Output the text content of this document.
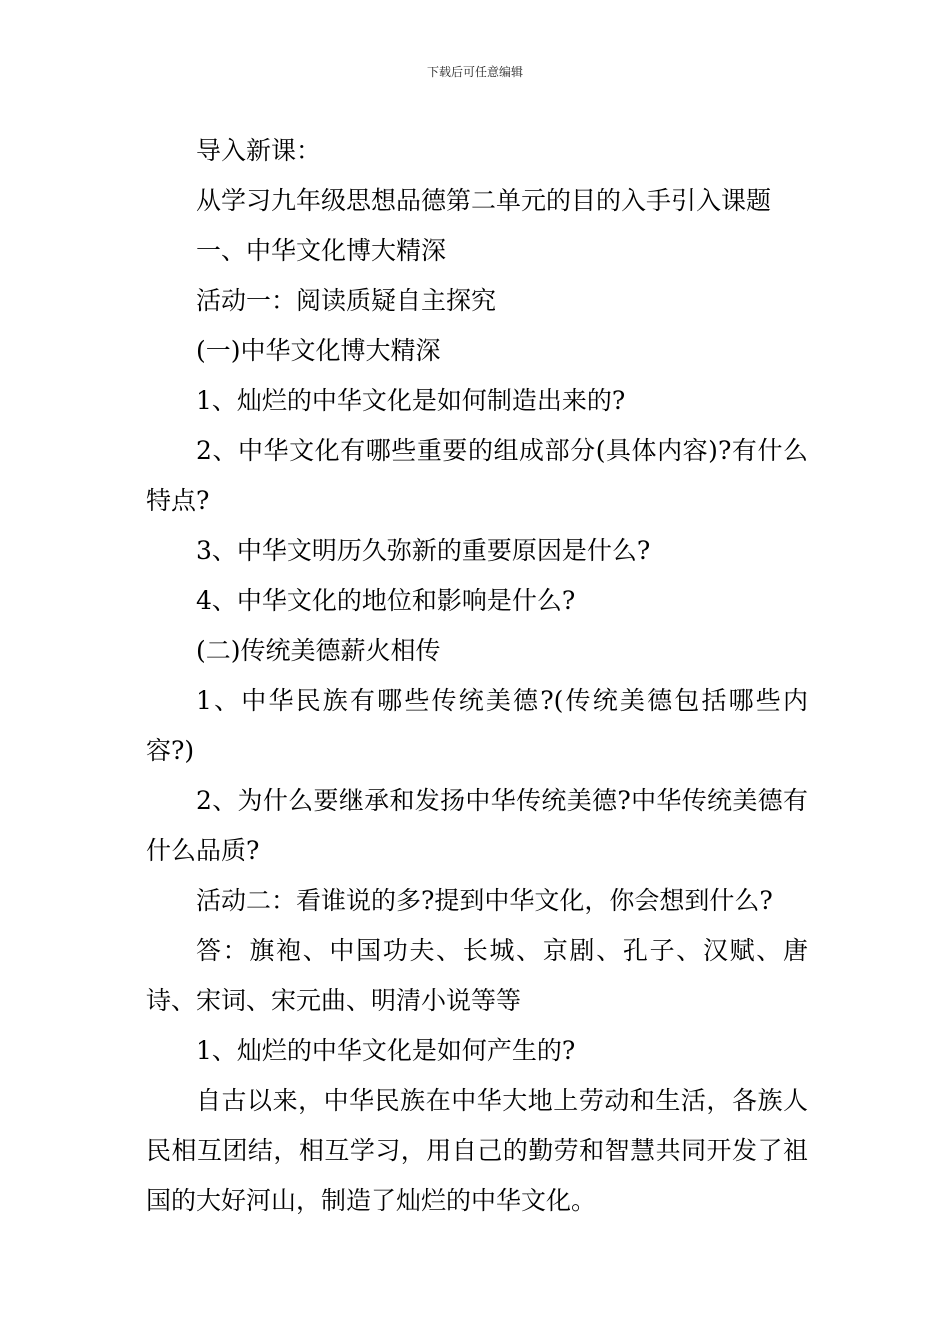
下载后可任意编辑

导入新课：

从学习九年级思想品德第二单元的目的入手引入课题

一、中华文化博大精深

活动一：阅读质疑自主探究

(一)中华文化博大精深

1、灿烂的中华文化是如何制造出来的?

2、中华文化有哪些重要的组成部分(具体内容)?有什么特点?

3、中华文明历久弥新的重要原因是什么?

4、中华文化的地位和影响是什么?

(二)传统美德薪火相传

1、中华民族有哪些传统美德?(传统美德包括哪些内容?)

2、为什么要继承和发扬中华传统美德?中华传统美德有什么品质?

活动二：看谁说的多?提到中华文化，你会想到什么?

答：旗袍、中国功夫、长城、京剧、孔子、汉赋、唐诗、宋词、宋元曲、明清小说等等

1、灿烂的中华文化是如何产生的?

自古以来，中华民族在中华大地上劳动和生活，各族人民相互团结，相互学习，用自己的勤劳和智慧共同开发了祖国的大好河山，制造了灿烂的中华文化。
